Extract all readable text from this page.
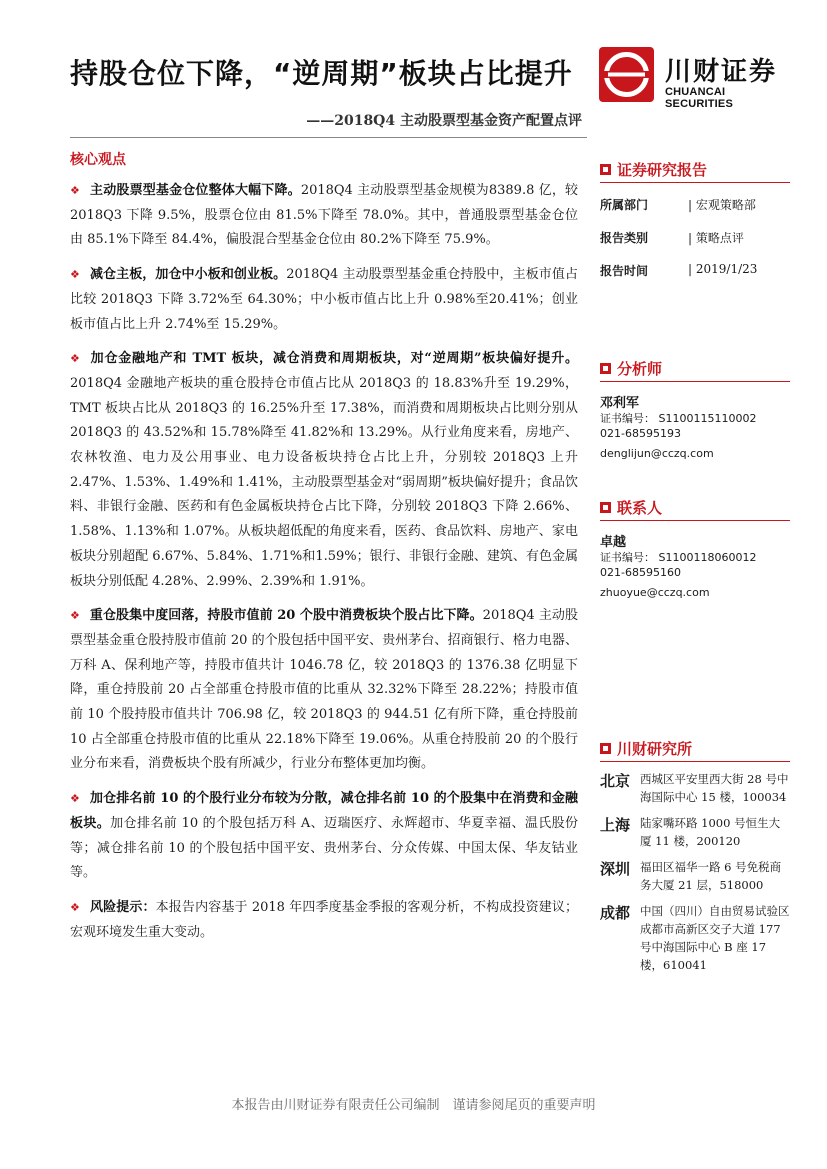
持股仓位下降，“逆周期”板块占比提升
——2018Q4 主动股票型基金资产配置点评
川财证券
CHUANCAI SECURITIES
核心观点
❖ 主动股票型基金仓位整体大幅下降。2018Q4 主动股票型基金规模为8389.8 亿，较 2018Q3 下降 9.5%，股票仓位由 81.5%下降至 78.0%。其中，普通股票型基金仓位由 85.1%下降至 84.4%，偏股混合型基金仓位由 80.2%下降至 75.9%。
❖ 减仓主板，加仓中小板和创业板。2018Q4 主动股票型基金重仓持股中，主板市值占比较 2018Q3 下降 3.72%至 64.30%；中小板市值占比上升 0.98%至20.41%；创业板市值占比上升 2.74%至 15.29%。
❖ 加仓金融地产和 TMT 板块，减仓消费和周期板块，对“逆周期”板块偏好提升。2018Q4 金融地产板块的重仓股持仓市值占比从 2018Q3 的 18.83%升至 19.29%，TMT 板块占比从 2018Q3 的 16.25%升至 17.38%，而消费和周期板块占比则分别从 2018Q3 的 43.52%和 15.78%降至 41.82%和 13.29%。从行业角度来看，房地产、农林牧渔、电力及公用事业、电力设备板块持仓占比上升，分别较 2018Q3 上升 2.47%、1.53%、1.49%和 1.41%，主动股票型基金对“弱周期”板块偏好提升；食品饮料、非银行金融、医药和有色金属板块持仓占比下降，分别较 2018Q3 下降 2.66%、1.58%、1.13%和 1.07%。从板块超低配的角度来看，医药、食品饮料、房地产、家电板块分别超配 6.67%、5.84%、1.71%和1.59%；银行、非银行金融、建筑、有色金属板块分别低配 4.28%、2.99%、2.39%和 1.91%。
❖ 重仓股集中度回落，持股市值前 20 个股中消费板块个股占比下降。2018Q4 主动股票型基金重仓股持股市值前 20 的个股包括中国平安、贵州茅台、招商银行、格力电器、万科 A、保利地产等，持股市值共计 1046.78 亿，较 2018Q3 的 1376.38 亿明显下降，重仓持股前 20 占全部重仓持股市值的比重从 32.32%下降至 28.22%；持股市值前 10 个股持股市值共计 706.98 亿，较 2018Q3 的 944.51 亿有所下降，重仓持股前 10 占全部重仓持股市值的比重从 22.18%下降至 19.06%。从重仓持股前 20 的个股行业分布来看，消费板块个股有所减少，行业分布整体更加均衡。
❖ 加仓排名前 10 的个股行业分布较为分散，减仓排名前 10 的个股集中在消费和金融板块。加仓排名前 10 的个股包括万科 A、迈瑞医疗、永辉超市、华夏幸福、温氏股份等；减仓排名前 10 的个股包括中国平安、贵州茅台、分众传媒、中国太保、华友钴业等。
❖ 风险提示：本报告内容基于 2018 年四季度基金季报的客观分析，不构成投资建议；宏观环境发生重大变动。
证券研究报告
所属部门	| 宏观策略部
报告类别	| 策略点评
报告时间	| 2019/1/23
分析师
邓利军
证书编号： S1100115110002
021-68595193
denglijun@cczq.com
联系人
卓越
证书编号： S1100118060012
021-68595160
zhuoyue@cczq.com
川财研究所
北京 西城区平安里西大街 28 号中海国际中心 15 楼，100034
上海 陆家嘴环路 1000 号恒生大厦 11 楼，200120
深圳 福田区福华一路 6 号免税商务大厦 21 层，518000
成都 中国（四川）自由贸易试验区成都市高新区交子大道 177 号中海国际中心 B 座 17 楼，610041
本报告由川财证券有限责任公司编制　谨请参阅尾页的重要声明
